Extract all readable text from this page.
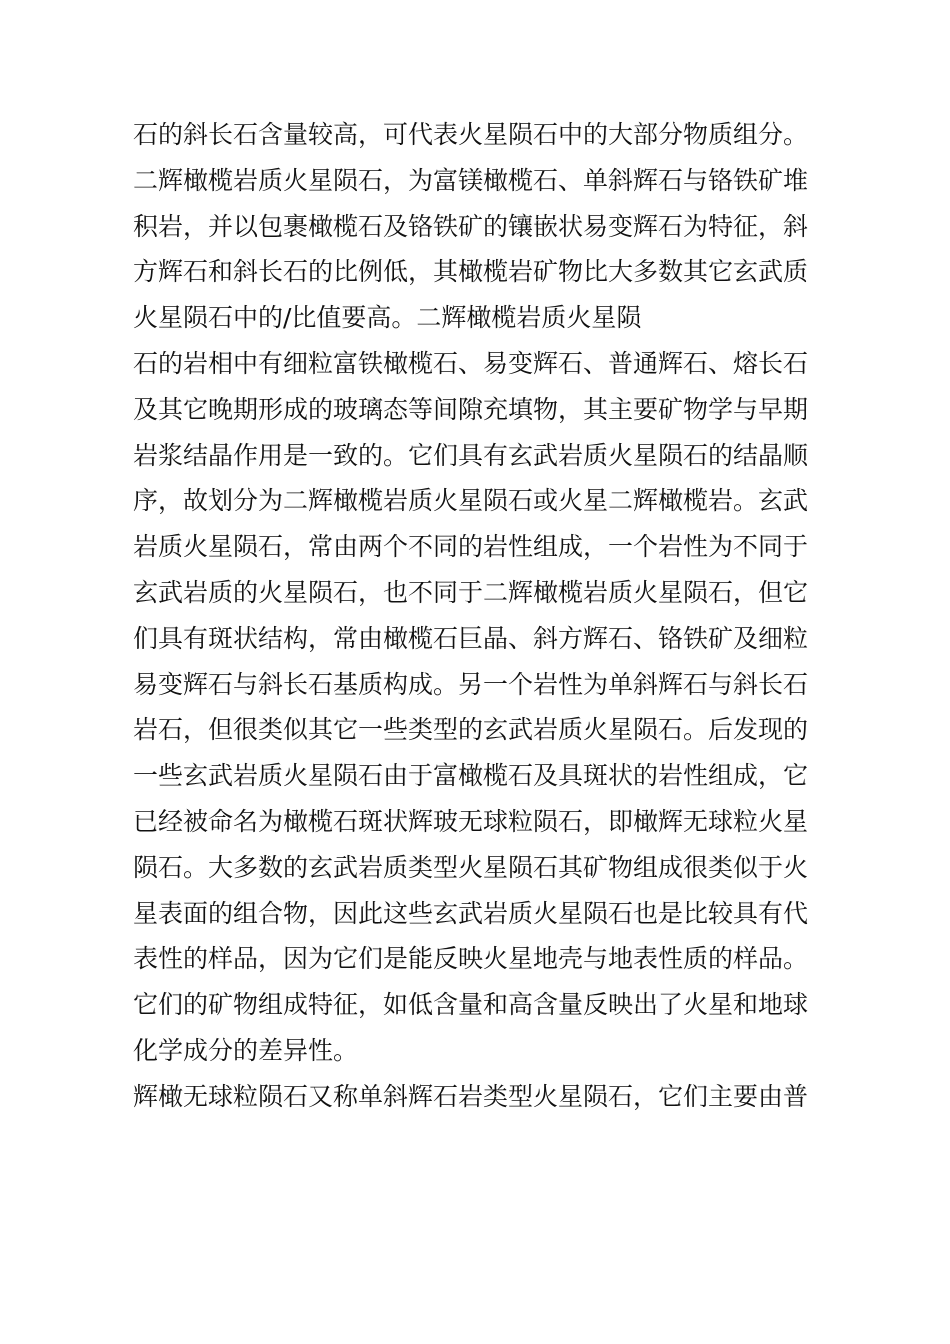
石的斜长石含量较高，可代表火星陨石中的大部分物质组分。
二辉橄榄岩质火星陨石，为富镁橄榄石、单斜辉石与铬铁矿堆
积岩，并以包裹橄榄石及铬铁矿的镶嵌状易变辉石为特征，斜
方辉石和斜长石的比例低，其橄榄岩矿物比大多数其它玄武质
火星陨石中的/比值要高。二辉橄榄岩质火星陨
石的岩相中有细粒富铁橄榄石、易变辉石、普通辉石、熔长石
及其它晚期形成的玻璃态等间隙充填物，其主要矿物学与早期
岩浆结晶作用是一致的。它们具有玄武岩质火星陨石的结晶顺
序，故划分为二辉橄榄岩质火星陨石或火星二辉橄榄岩。玄武
岩质火星陨石，常由两个不同的岩性组成，一个岩性为不同于
玄武岩质的火星陨石，也不同于二辉橄榄岩质火星陨石，但它
们具有斑状结构，常由橄榄石巨晶、斜方辉石、铬铁矿及细粒
易变辉石与斜长石基质构成。另一个岩性为单斜辉石与斜长石
岩石，但很类似其它一些类型的玄武岩质火星陨石。后发现的
一些玄武岩质火星陨石由于富橄榄石及具斑状的岩性组成，它
已经被命名为橄榄石斑状辉玻无球粒陨石，即橄辉无球粒火星
陨石。大多数的玄武岩质类型火星陨石其矿物组成很类似于火
星表面的组合物，因此这些玄武岩质火星陨石也是比较具有代
表性的样品，因为它们是能反映火星地壳与地表性质的样品。
它们的矿物组成特征，如低含量和高含量反映出了火星和地球
化学成分的差异性。
辉橄无球粒陨石又称单斜辉石岩类型火星陨石，它们主要由普
